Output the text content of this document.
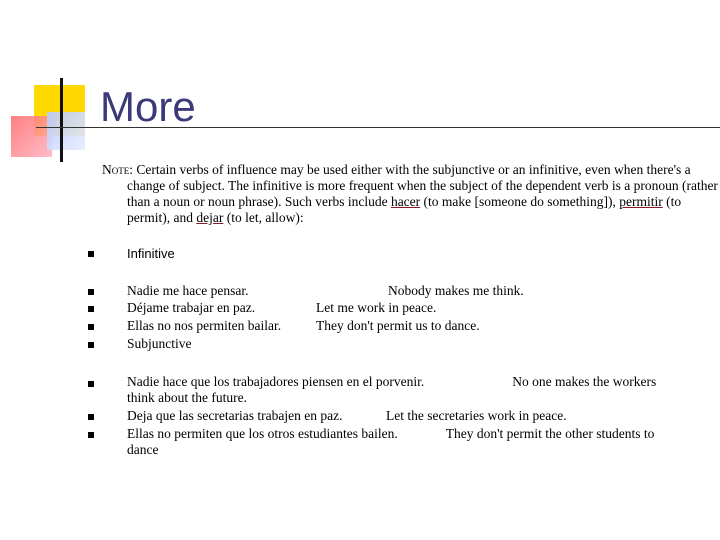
More
Note: Certain verbs of influence may be used either with the subjunctive or an infinitive, even when there's a change of subject. The infinitive is more frequent when the subject of the dependent verb is a pronoun (rather than a noun or noun phrase). Such verbs include hacer (to make [someone do something]), permitir (to permit), and dejar (to let, allow):
Infinitive
Nadie me hace pensar.	Nobody makes me think.
Déjame trabajar en paz.	Let me work in peace.
Ellas no nos permiten bailar.	They don't permit us to dance.
Subjunctive
Nadie hace que los trabajadores piensen en el porvenir.	No one makes the workers think about the future.
Deja que las secretarias trabajen en paz.	Let the secretaries work in peace.
Ellas no permiten que los otros estudiantes bailen.	They don't permit the other students to dance
